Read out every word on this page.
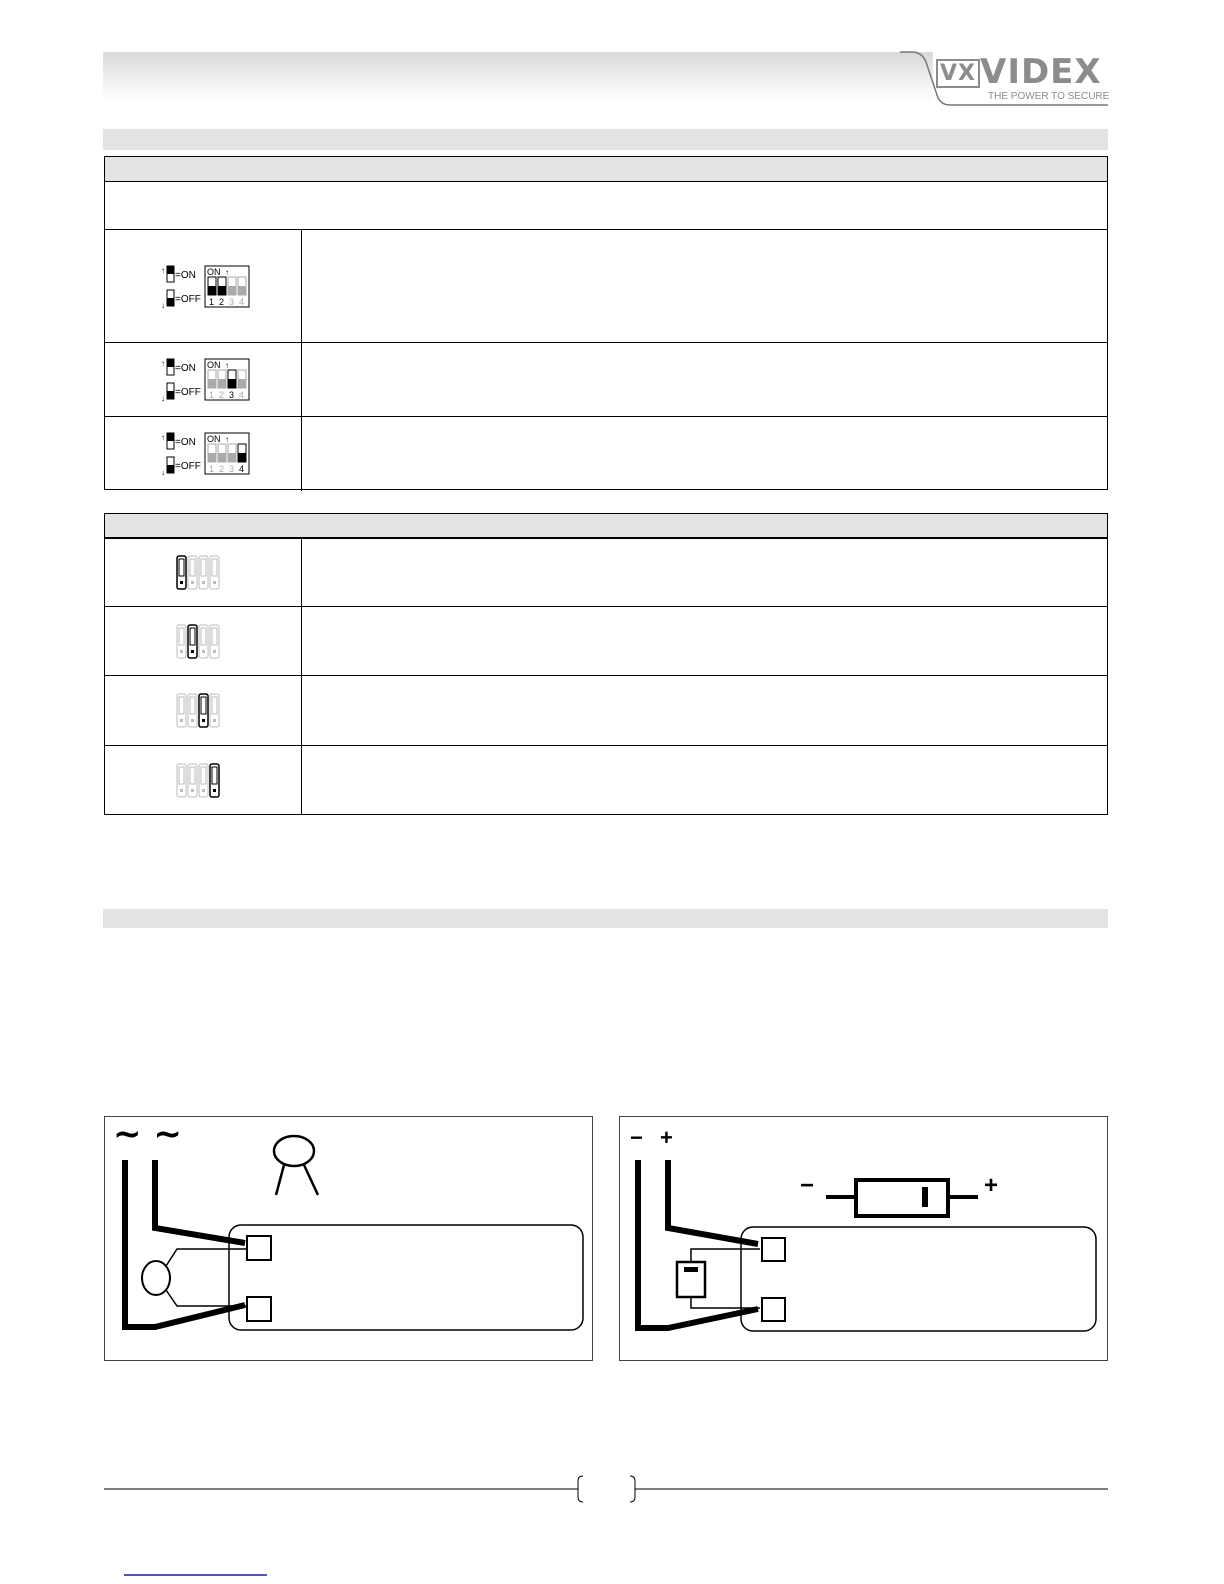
VX VIDEX
THE POWER TO SECURE
↑ =ON
↓
=OFF
ON ↑
1 2 3 4
↑ =ON
↓
=OFF
ON ↑
1 2 3 4
↑ =ON
↓
=OFF
ON ↑
1 2 3 4
~ ~	− +
−	+
